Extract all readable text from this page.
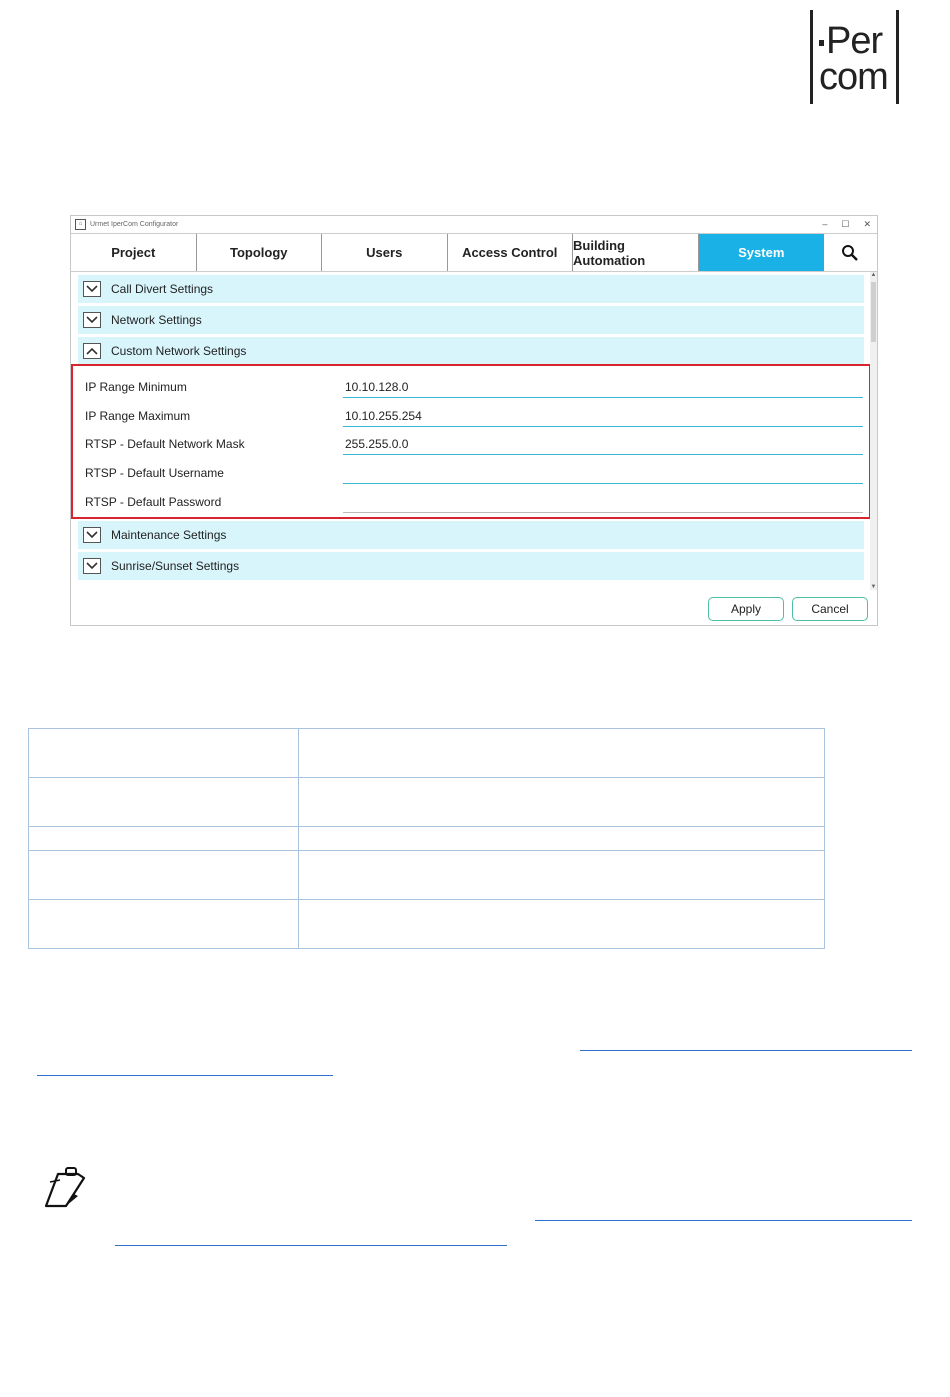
Per
com
⌂	Urmet IperCom Configurator	– ☐ ✕
Project	Topology	Users	Access Control	Building Automation	System
Call Divert Settings
Network Settings
Custom Network Settings
IP Range Minimum	10.10.128.0
IP Range Maximum	10.10.255.254
RTSP - Default Network Mask	255.255.0.0
RTSP - Default Username
RTSP - Default Password
Maintenance Settings
Sunrise/Sunset Settings
▲
▼
Apply	Cancel
